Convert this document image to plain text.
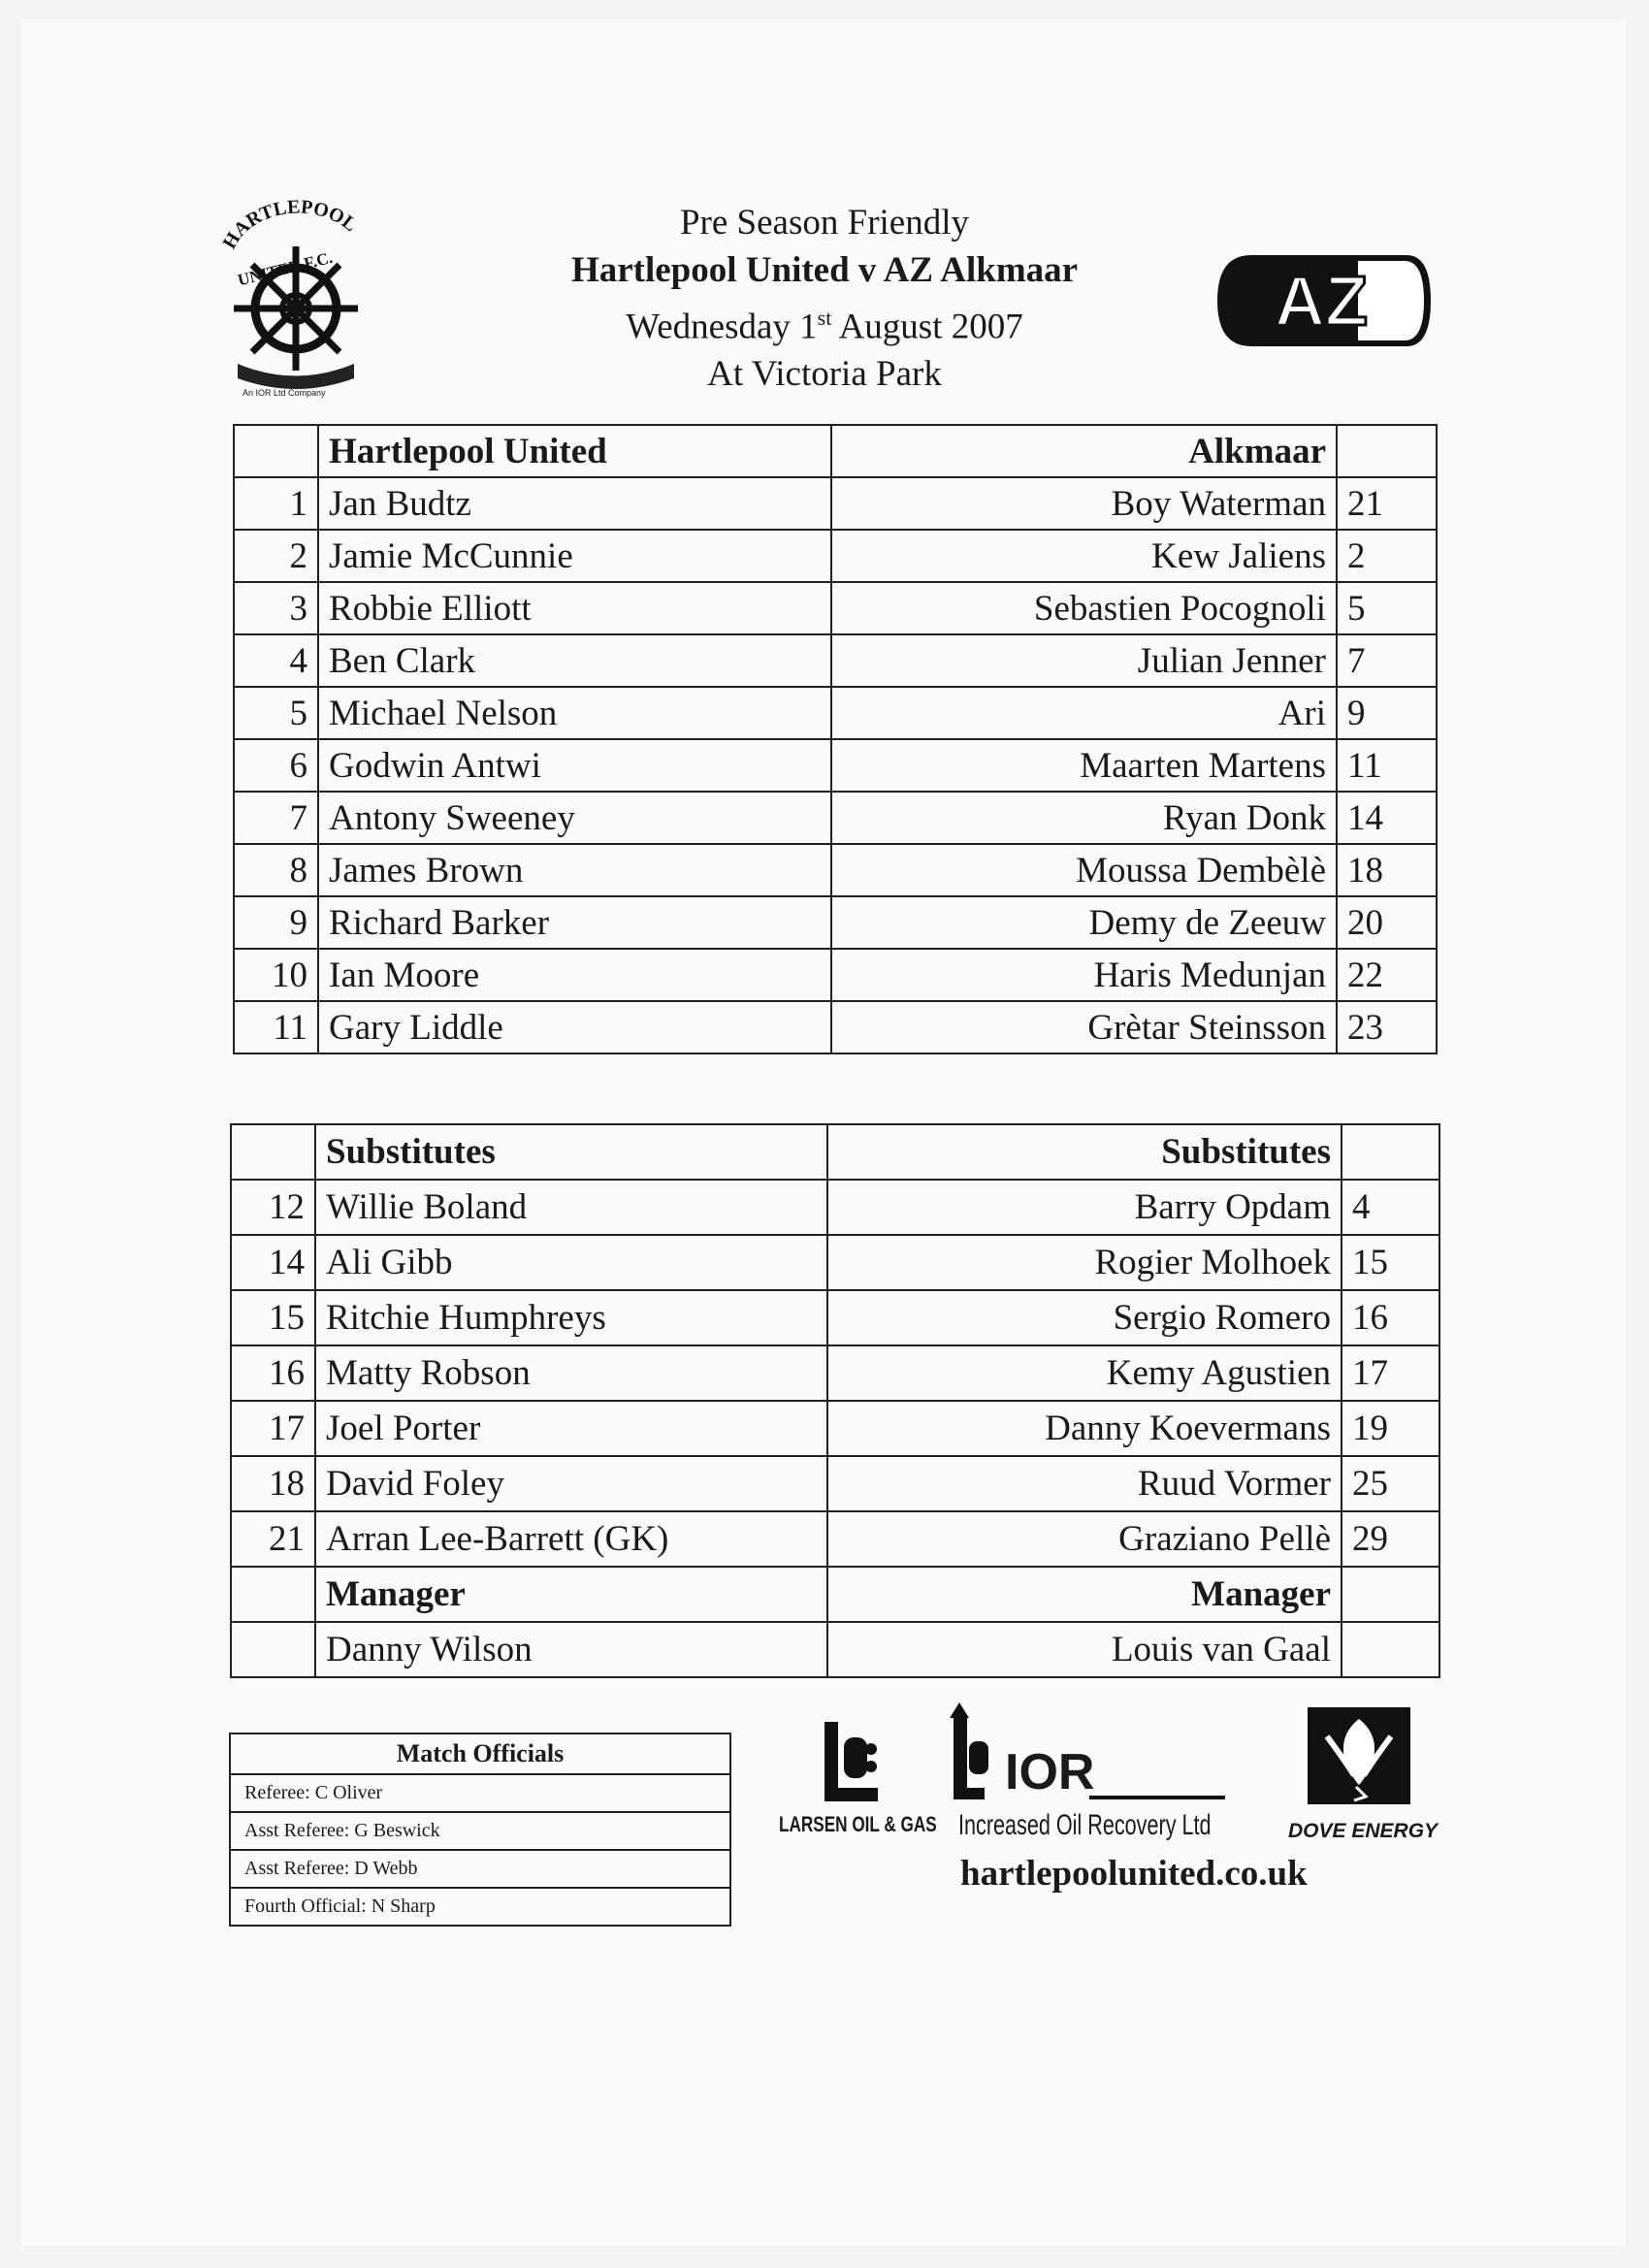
HARTLEPOOL
UNITED F.C.
An IOR Ltd Company
Pre Season Friendly
Hartlepool United v AZ Alkmaar
Wednesday 1st August 2007
At Victoria Park
AZ
	Hartlepool United	Alkmaar	
1	Jan Budtz	Boy Waterman	21
2	Jamie McCunnie	Kew Jaliens	2
3	Robbie Elliott	Sebastien Pocognoli	5
4	Ben Clark	Julian Jenner	7
5	Michael Nelson	Ari	9
6	Godwin Antwi	Maarten Martens	11
7	Antony Sweeney	Ryan Donk	14
8	James Brown	Moussa Dembèlè	18
9	Richard Barker	Demy de Zeeuw	20
10	Ian Moore	Haris Medunjan	22
11	Gary Liddle	Grètar Steinsson	23
	Substitutes	Substitutes	
12	Willie Boland	Barry Opdam	4
14	Ali Gibb	Rogier Molhoek	15
15	Ritchie Humphreys	Sergio Romero	16
16	Matty Robson	Kemy Agustien	17
17	Joel Porter	Danny Koevermans	19
18	David Foley	Ruud Vormer	25
21	Arran Lee-Barrett (GK)	Graziano Pellè	29
	Manager	Manager	
	Danny Wilson	Louis van Gaal	
Match Officials
Referee: C Oliver
Asst Referee: G Beswick
Asst Referee: D Webb
Fourth Official: N Sharp
LARSEN OIL & GAS
IOR
Increased Oil Recovery Ltd	DOVE ENERGY
hartlepoolunited.co.uk
